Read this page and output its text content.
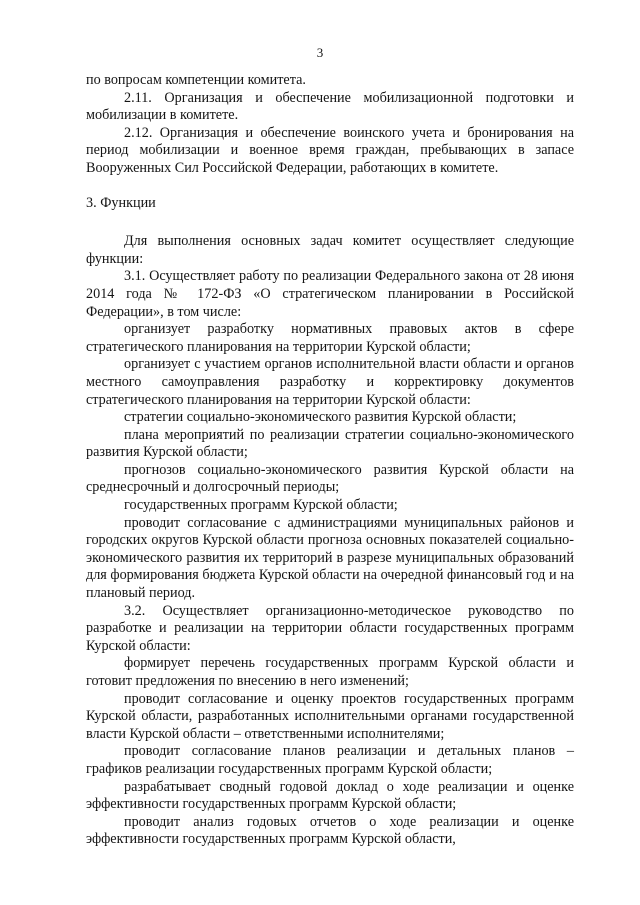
3

по вопросам компетенции комитета.

2.11. Организация и обеспечение мобилизационной подготовки и мобилизации в комитете.

2.12. Организация и обеспечение воинского учета и бронирования на период мобилизации и военное время граждан, пребывающих в запасе Вооруженных Сил Российской Федерации, работающих в комитете.

3. Функции

Для выполнения основных задач комитет осуществляет следующие функции:

3.1. Осуществляет работу по реализации Федерального закона от 28 июня 2014 года № 172-ФЗ «О стратегическом планировании в Российской Федерации», в том числе:

организует разработку нормативных правовых актов в сфере стратегического планирования на территории Курской области;

организует с участием органов исполнительной власти области и органов местного самоуправления разработку и корректировку документов стратегического планирования на территории Курской области:

стратегии социально-экономического развития Курской области;

плана мероприятий по реализации стратегии социально-экономического развития Курской области;

прогнозов социально-экономического развития Курской области на среднесрочный и долгосрочный периоды;

государственных программ Курской области;

проводит согласование с администрациями муниципальных районов и городских округов Курской области прогноза основных показателей социально-экономического развития их территорий в разрезе муниципальных образований для формирования бюджета Курской области на очередной финансовый год и на плановый период.

3.2. Осуществляет организационно-методическое руководство по разработке и реализации на территории области государственных программ Курской области:

формирует перечень государственных программ Курской области и готовит предложения по внесению в него изменений;

проводит согласование и оценку проектов государственных программ Курской области, разработанных исполнительными органами государственной власти Курской области – ответственными исполнителями;

проводит согласование планов реализации и детальных планов – графиков реализации государственных программ Курской области;

разрабатывает сводный годовой доклад о ходе реализации и оценке эффективности государственных программ Курской области;

проводит анализ годовых отчетов о ходе реализации и оценке эффективности государственных программ Курской области,
